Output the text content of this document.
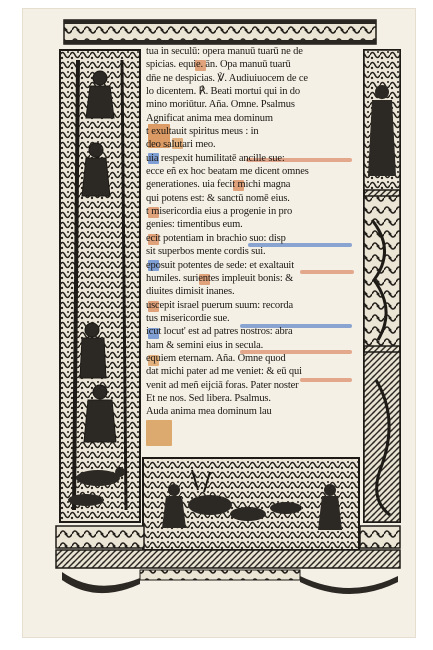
tua in seculū: opera manuū tuarū ne de
spicias. equie. ān. Opa manuū tuarū
dn̄e ne despicias. ℣. Audiuiuocem de ce
lo dicentem. ℟. Beati mortui qui in do
mino moriūtur. Aña. Omne. Psalmus
Agnificat anima mea dominum
t exultauit spiritus meus : in
deo salutari meo.
uia respexit humilitatē ancille sue:
ecce eñ ex hoc beatam me dicent omnes
generationes. uia fecit michi magna
qui potens est: & sanctū nomē eius.
t misericordia eius a progenie in pro
genies: timentibus eum.
ecit potentiam in brachio suo: disp
sit superbos mente cordis sui.
eposuit potentes de sede: et exaltauit
humiles. surientes impleuit bonis: &
diuites dimisit inanes.
uscepit israel puerum suum: recorda
tus misericordie sue.
icut locut' est ad patres nostros: abra
ham & semini eius in secula.
equiem eternam. Aña. Omne quod
dat michi pater ad me veniet: & eū qui
venit ad meñ eijciā foras. Pater noster
Et ne nos. Sed libera. Psalmus.
Auda anima mea dominum lau
